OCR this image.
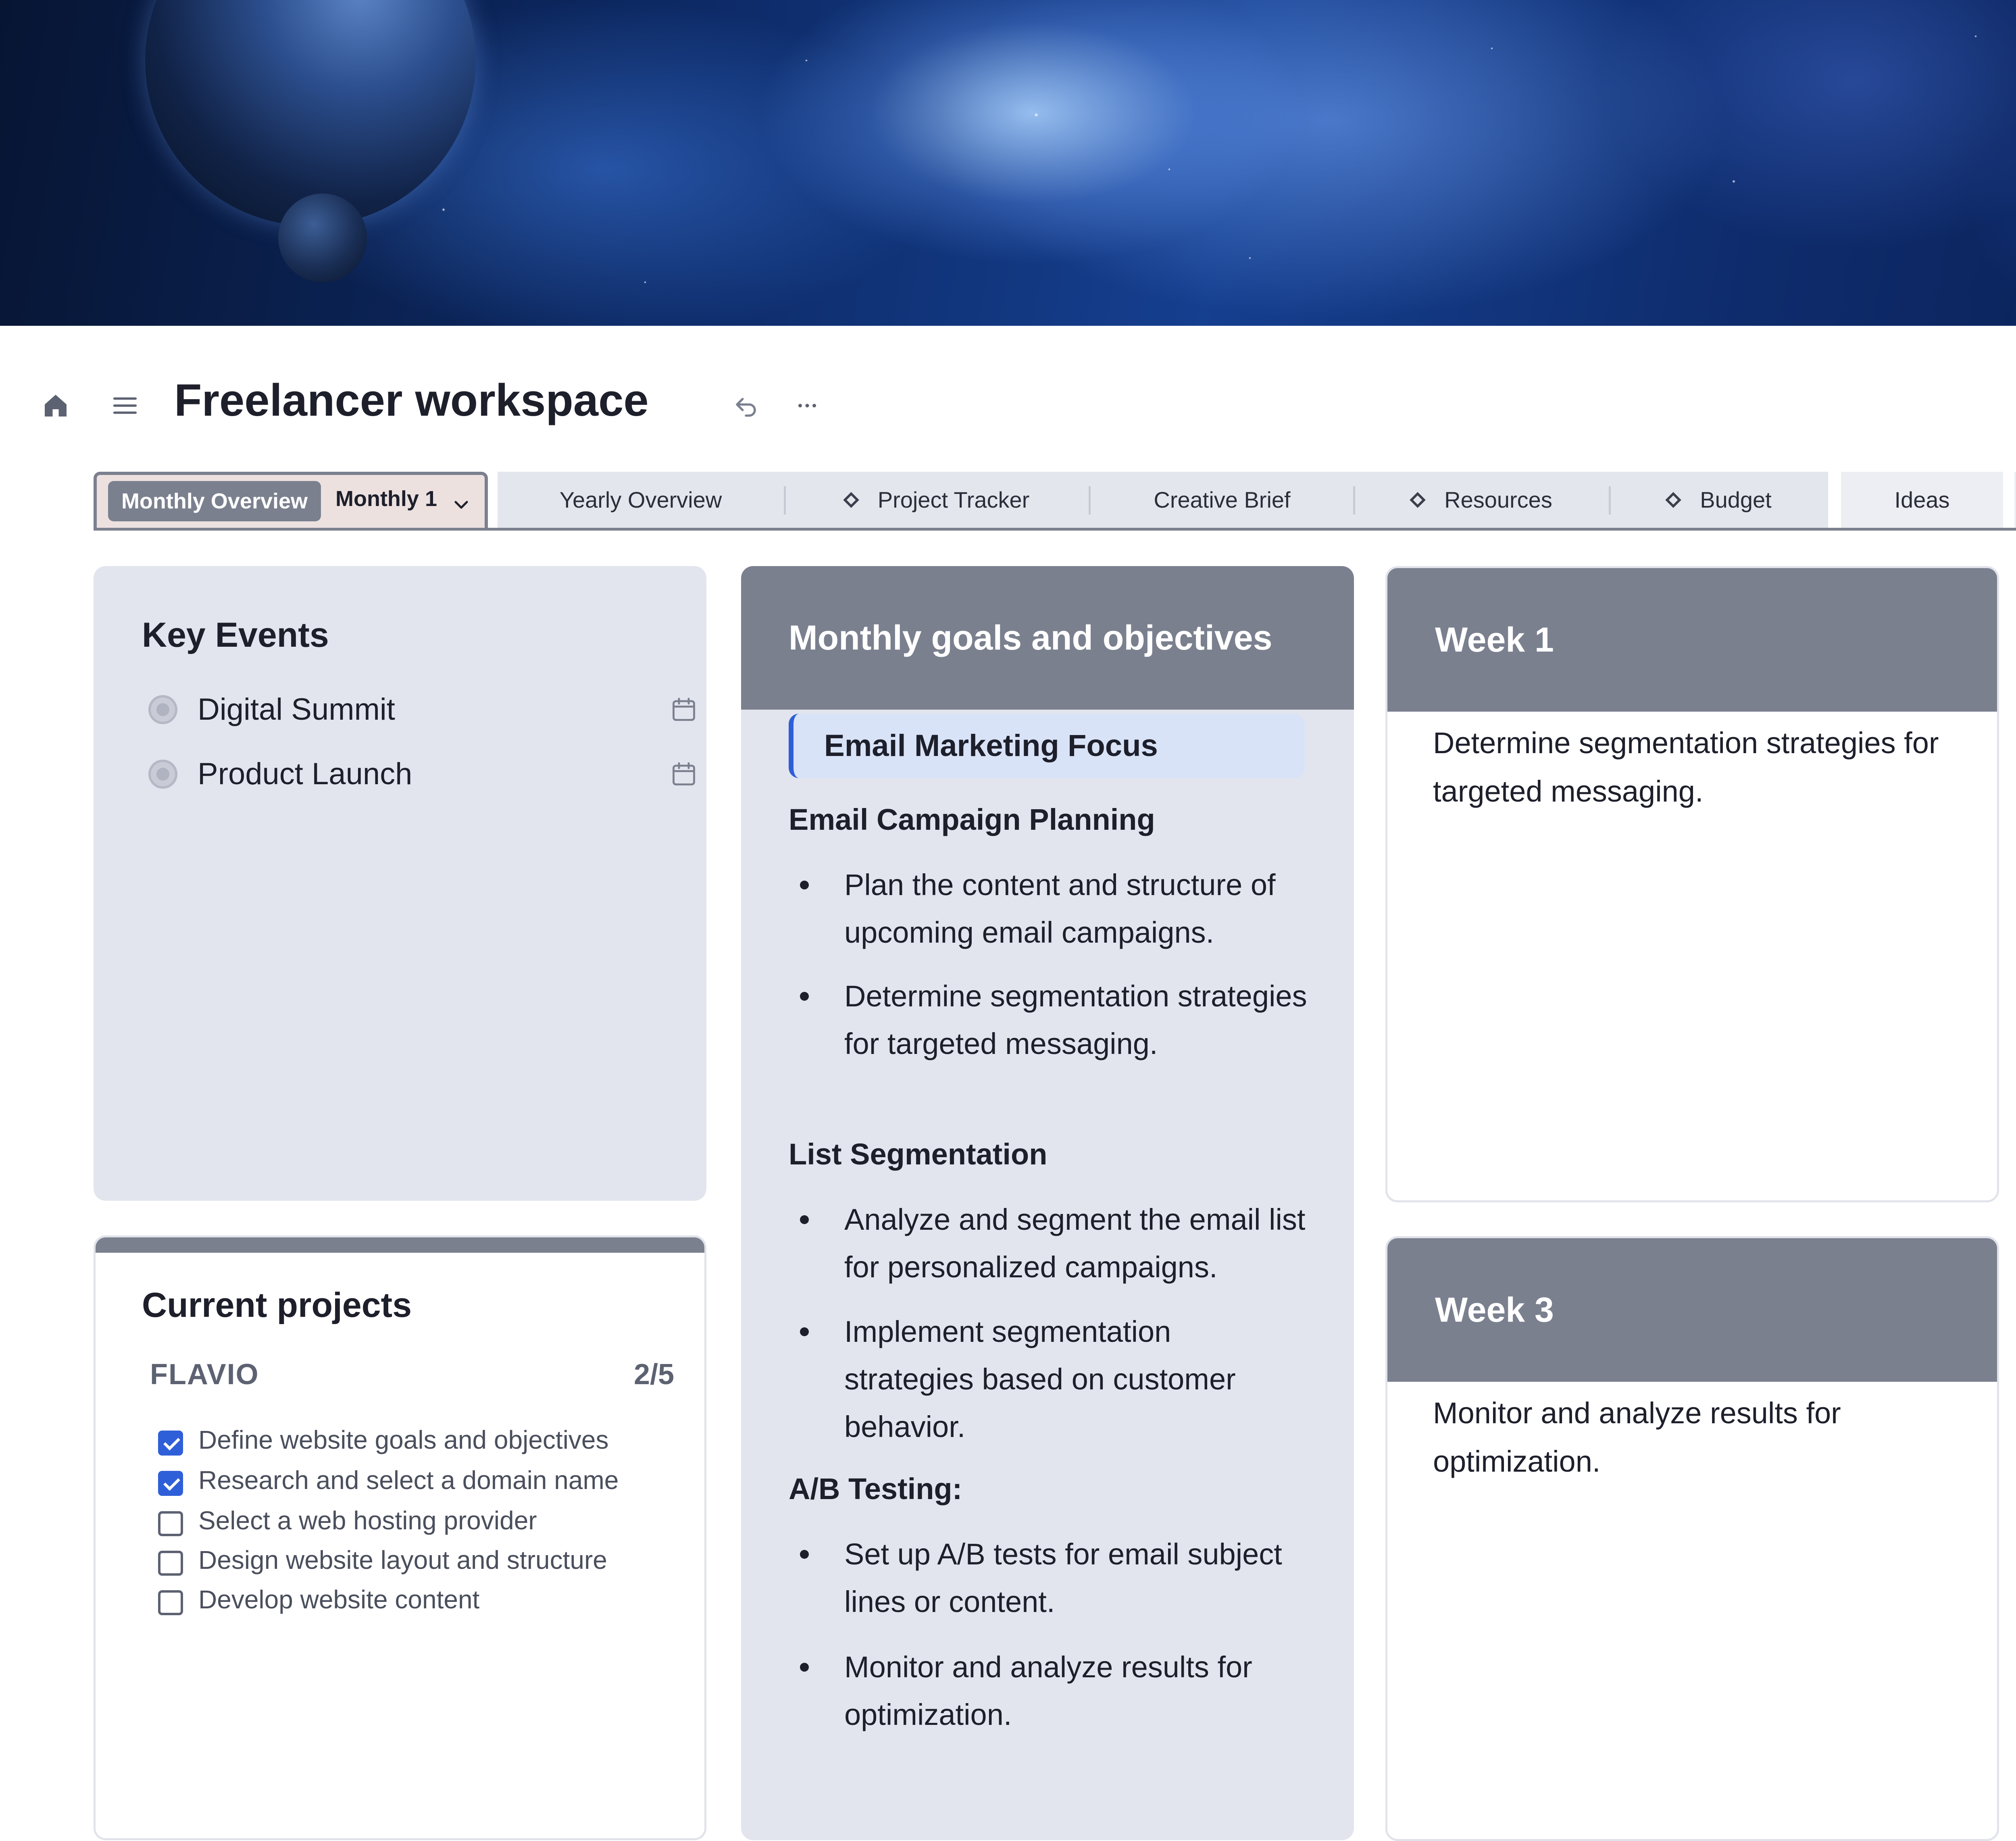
Freelancer workspace
Monthly Overview	Monthly 1	Yearly Overview	Project Tracker	Creative Brief	Resources	Budget	Ideas
Key Events
Digital Summit
Product Launch
Current projects
FLAVIO	2/5
Define website goals and objectives
Research and select a domain name
Select a web hosting provider
Design website layout and structure
Develop website content
Monthly goals and objectives
Email Marketing Focus
Email Campaign Planning
Plan the content and structure of upcoming email campaigns.
Determine segmentation strategies for targeted messaging.
List Segmentation
Analyze and segment the email list for personalized campaigns.
Implement segmentation strategies based on customer behavior.
A/B Testing:
Set up A/B tests for email subject lines or content.
Monitor and analyze results for optimization.
Week 1
Determine segmentation strategies for targeted messaging.
Week 3
Monitor and analyze results for optimization.
